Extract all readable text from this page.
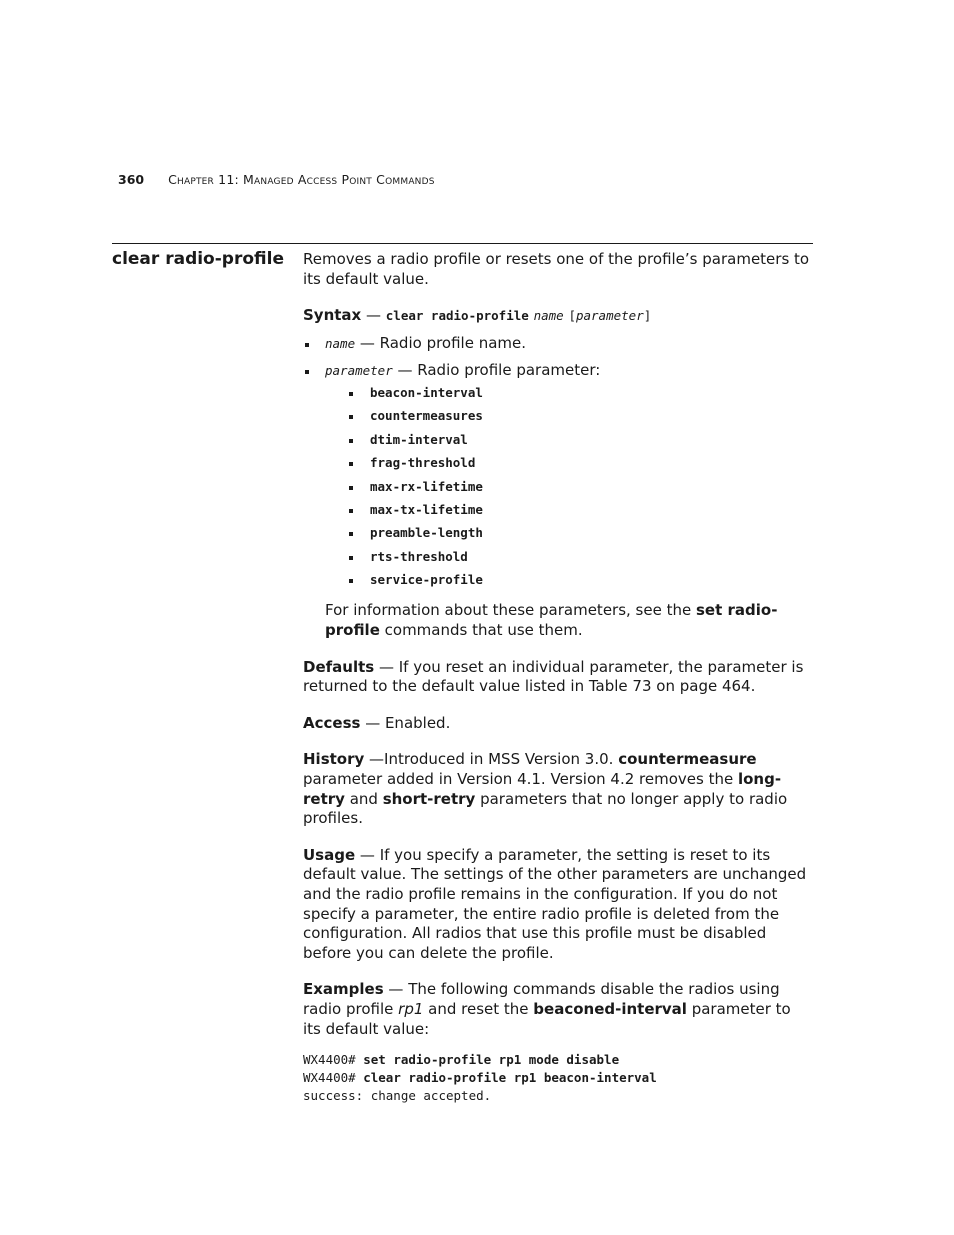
360 Chapter 11: Managed Access Point Commands
clear radio-profile Removes a radio profile or resets one of the profile’s parameters to its default value.

Syntax — clear radio-profile name [parameter]

name — Radio profile name.
parameter — Radio profile parameter:
beacon-interval
countermeasures
dtim-interval
frag-threshold
max-rx-lifetime
max-tx-lifetime
preamble-length
rts-threshold
service-profile

For information about these parameters, see the set radio-profile commands that use them.

Defaults — If you reset an individual parameter, the parameter is returned to the default value listed in Table 73 on page 464.

Access — Enabled.

History —Introduced in MSS Version 3.0. countermeasure parameter added in Version 4.1. Version 4.2 removes the long-retry and short-retry parameters that no longer apply to radio profiles.

Usage — If you specify a parameter, the setting is reset to its default value. The settings of the other parameters are unchanged and the radio profile remains in the configuration. If you do not specify a parameter, the entire radio profile is deleted from the configuration. All radios that use this profile must be disabled before you can delete the profile.

Examples — The following commands disable the radios using radio profile rp1 and reset the beaconed-interval parameter to its default value:

WX4400# set radio-profile rp1 mode disable
WX4400# clear radio-profile rp1 beacon-interval
success: change accepted.
